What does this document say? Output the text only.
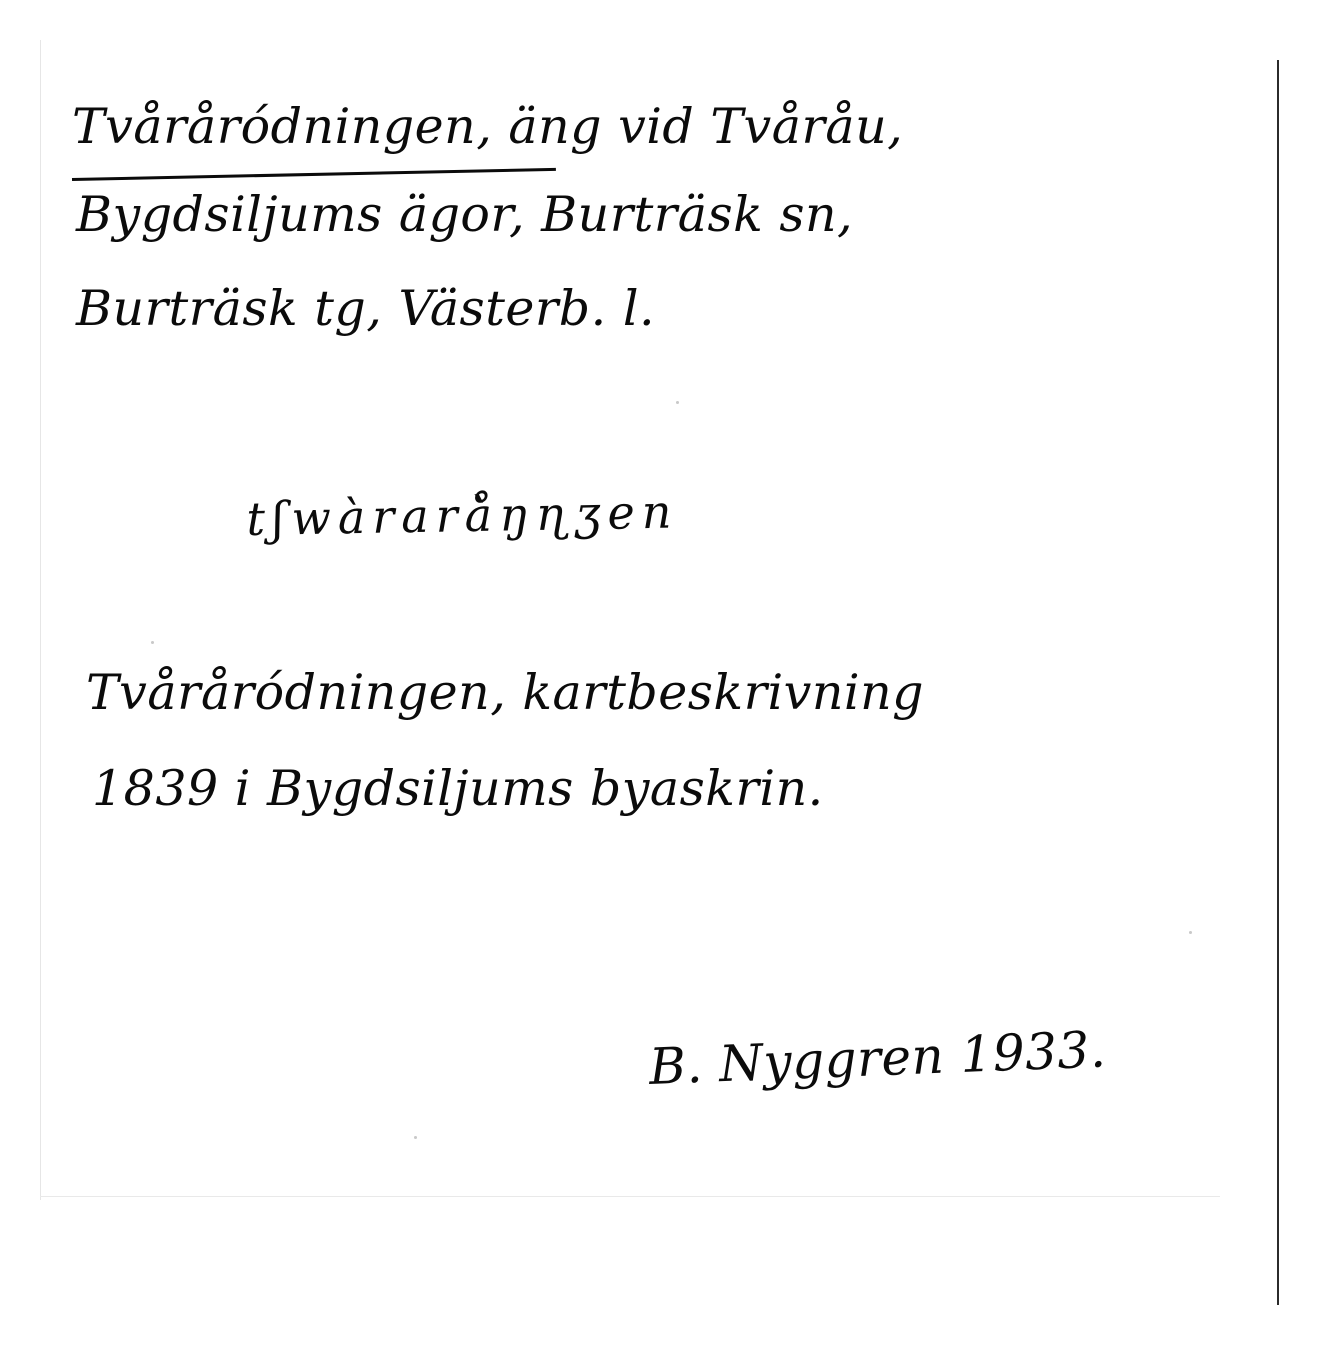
Tvåråródningen, äng vid Tvåråu,
Bygdsiljums ägor, Burträsk sn,
Burträsk tg, Västerb. l.
tʃwàrarå̀ŋɳʒen
Tvåråródningen, kartbeskrivning
1839 i Bygdsiljums byaskrin.
B. Nyggren 1933.
